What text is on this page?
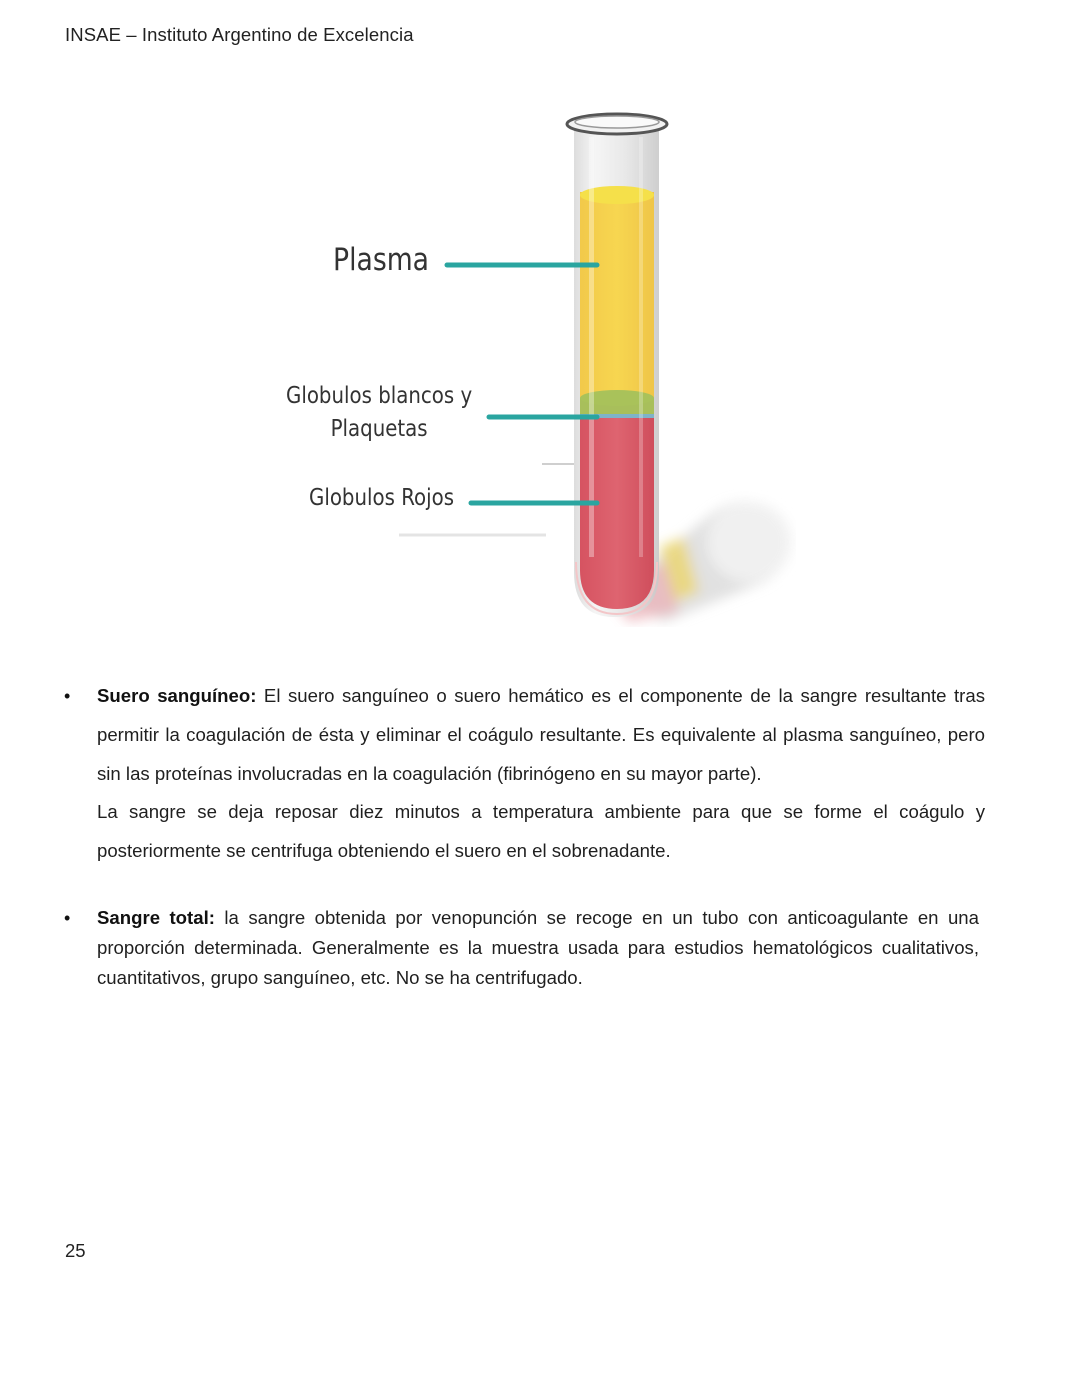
INSAE – Instituto Argentino de Excelencia
Plasma
Globulos blancos y
Plaquetas
Globulos Rojos
• Suero sanguíneo: El suero sanguíneo o suero hemático es el componente de la sangre resultante tras permitir la coagulación de ésta y eliminar el coágulo resultante. Es equivalente al plasma sanguíneo, pero sin las proteínas involucradas en la coagulación (fibrinógeno en su mayor parte).
La sangre se deja reposar diez minutos a temperatura ambiente para que se forme el coágulo y posteriormente se centrifuga obteniendo el suero en el sobrenadante.
• Sangre total: la sangre obtenida por venopunción se recoge en un tubo con anticoagulante en una proporción determinada. Generalmente es la muestra usada para estudios hematológicos cualitativos, cuantitativos, grupo sanguíneo, etc. No se ha centrifugado.
25
